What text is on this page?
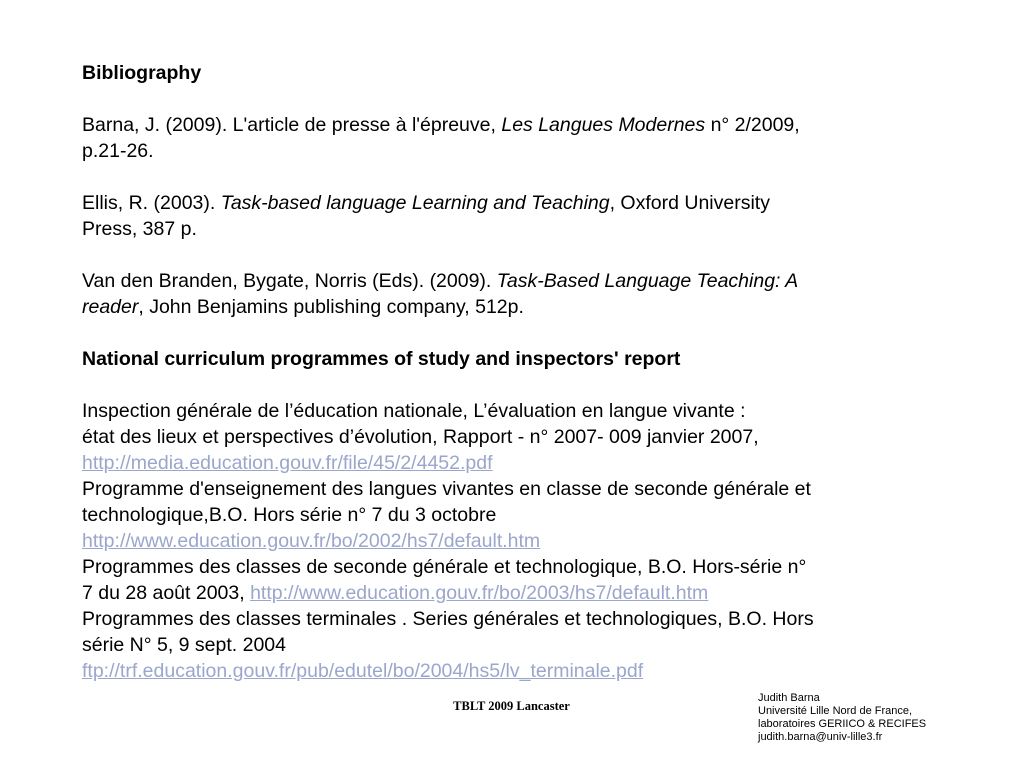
Bibliography
Barna, J. (2009). L'article de presse à l'épreuve, Les Langues Modernes n° 2/2009,
p.21-26.
Ellis, R. (2003). Task-based language Learning and Teaching, Oxford University
Press, 387 p.
Van den Branden, Bygate, Norris (Eds). (2009). Task-Based Language Teaching: A
reader, John Benjamins publishing company, 512p.
National curriculum programmes of study and inspectors' report
Inspection générale de l’éducation nationale, L’évaluation en langue vivante :
état des lieux et perspectives d’évolution, Rapport - n° 2007- 009 janvier 2007,
http://media.education.gouv.fr/file/45/2/4452.pdf
Programme d'enseignement des langues vivantes en classe de seconde générale et
technologique,B.O. Hors série n° 7 du 3 octobre
http://www.education.gouv.fr/bo/2002/hs7/default.htm
Programmes des classes de seconde générale et technologique, B.O. Hors-série n°
7 du 28 août 2003, http://www.education.gouv.fr/bo/2003/hs7/default.htm
Programmes des classes terminales . Series générales et technologiques, B.O. Hors
série N° 5, 9 sept. 2004
ftp://trf.education.gouv.fr/pub/edutel/bo/2004/hs5/lv_terminale.pdf
TBLT 2009 Lancaster
Judith Barna
Université Lille Nord de France,
laboratoires GERIICO & RECIFES
judith.barna@univ-lille3.fr
